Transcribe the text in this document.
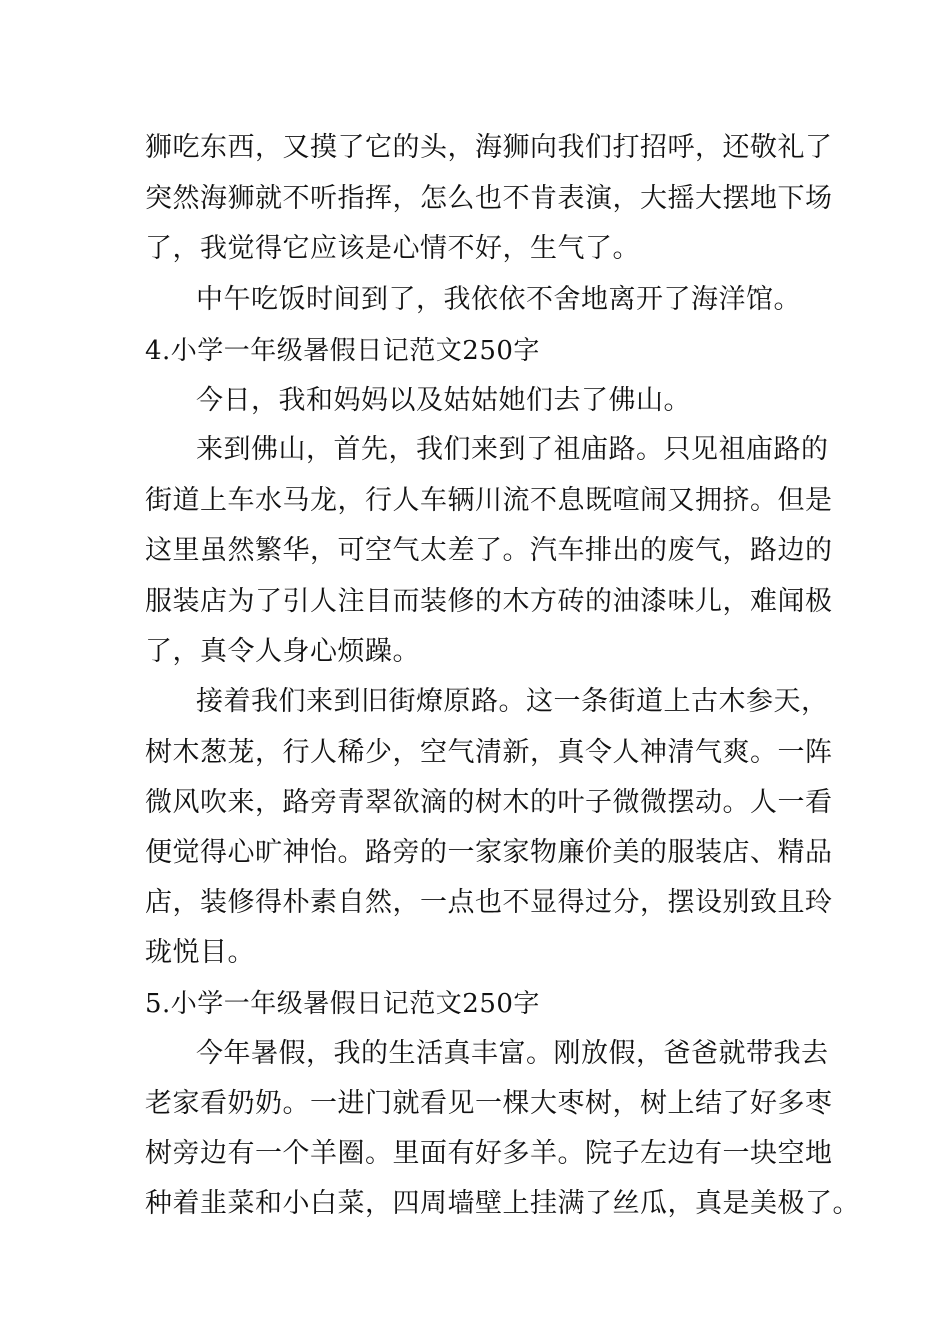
狮吃东西，又摸了它的头，海狮向我们打招呼，还敬礼了
突然海狮就不听指挥，怎么也不肯表演，大摇大摆地下场
了，我觉得它应该是心情不好，生气了。
中午吃饭时间到了，我依依不舍地离开了海洋馆。
4.小学一年级暑假日记范文250字
今日，我和妈妈以及姑姑她们去了佛山。
来到佛山，首先，我们来到了祖庙路。只见祖庙路的
街道上车水马龙，行人车辆川流不息既喧闹又拥挤。但是
这里虽然繁华，可空气太差了。汽车排出的废气，路边的
服装店为了引人注目而装修的木方砖的油漆味儿，难闻极
了，真令人身心烦躁。
接着我们来到旧街燎原路。这一条街道上古木参天，
树木葱茏，行人稀少，空气清新，真令人神清气爽。一阵
微风吹来，路旁青翠欲滴的树木的叶子微微摆动。人一看
便觉得心旷神怡。路旁的一家家物廉价美的服装店、精品
店，装修得朴素自然，一点也不显得过分，摆设别致且玲
珑悦目。
5.小学一年级暑假日记范文250字
今年暑假，我的生活真丰富。刚放假，爸爸就带我去
老家看奶奶。一进门就看见一棵大枣树，树上结了好多枣
树旁边有一个羊圈。里面有好多羊。院子左边有一块空地
种着韭菜和小白菜，四周墙壁上挂满了丝瓜，真是美极了。
